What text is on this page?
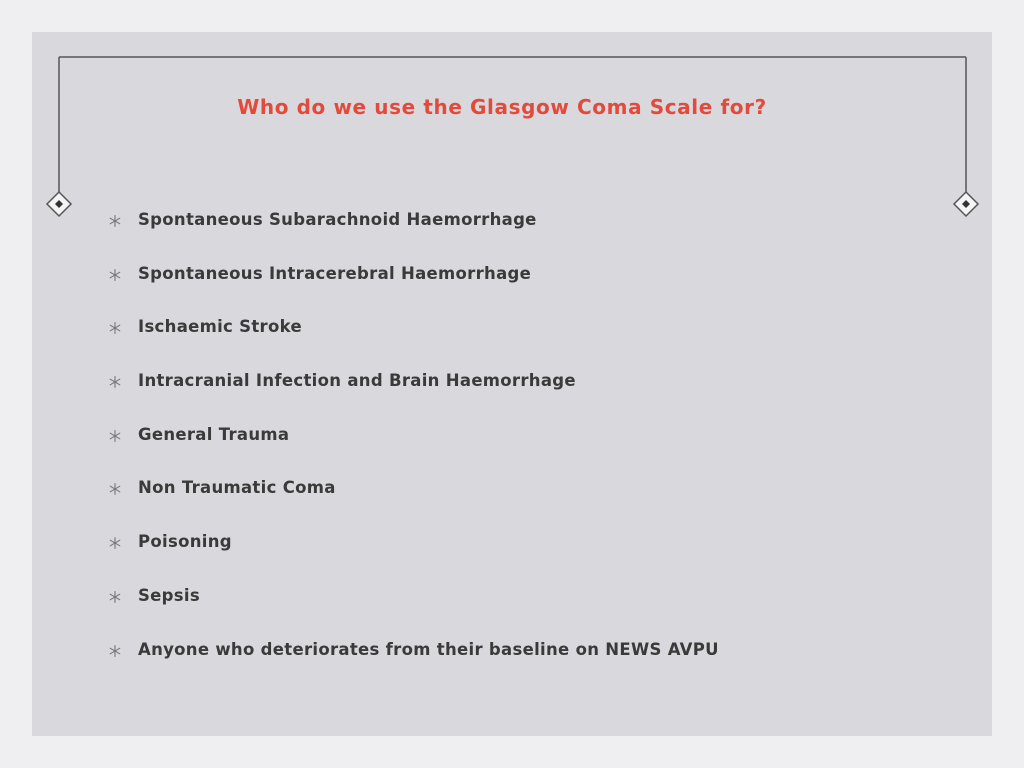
Who do we use the Glasgow Coma Scale for?
Spontaneous Subarachnoid Haemorrhage
Spontaneous Intracerebral Haemorrhage
Ischaemic Stroke
Intracranial Infection and Brain Haemorrhage
General Trauma
Non Traumatic Coma
Poisoning
Sepsis
Anyone who deteriorates from their baseline on NEWS AVPU
